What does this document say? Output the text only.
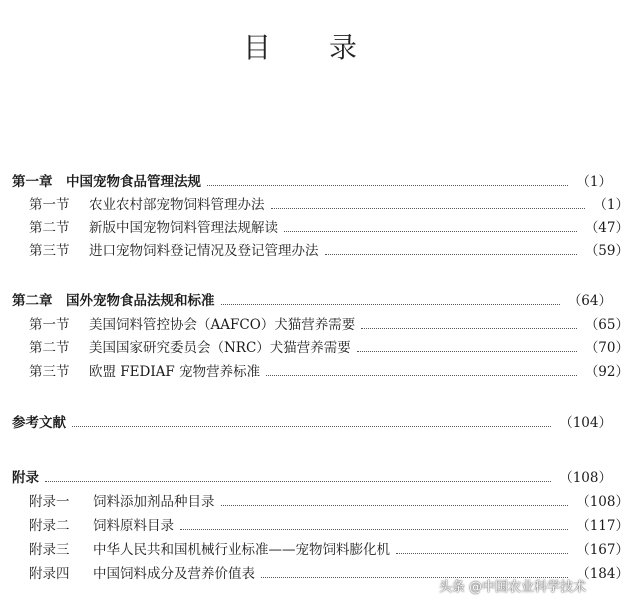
目录
第一章　中国宠物食品管理法规	（1）
第一节 农业农村部宠物饲料管理办法	（1）
第二节 新版中国宠物饲料管理法规解读	（47）
第三节 进口宠物饲料登记情况及登记管理办法	（59）
第二章　国外宠物食品法规和标准	（64）
第一节 美国饲料管控协会（AAFCO）犬猫营养需要	（65）
第二节 美国国家研究委员会（NRC）犬猫营养需要	（70）
第三节 欧盟 FEDIAF 宠物营养标准	（92）
参考文献	（104）
附录	（108）
附录一 饲料添加剂品种目录	（108）
附录二 饲料原料目录	（117）
附录三 中华人民共和国机械行业标准——宠物饲料膨化机	（167）
附录四 中国饲料成分及营养价值表	（184）
头条 @中国农业科学技术
